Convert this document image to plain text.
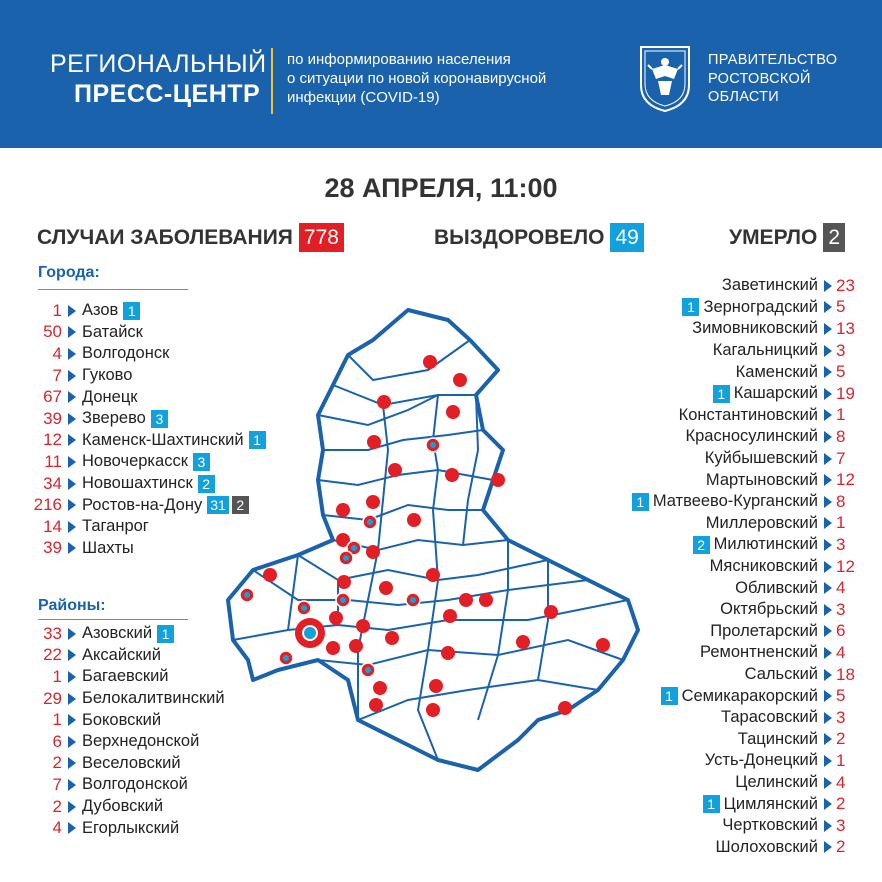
РЕГИОНАЛЬНЫЙ
ПРЕСС-ЦЕНТР
по информированию населения
о ситуации по новой коронавирусной
инфекции (COVID-19)
ПРАВИТЕЛЬСТВО
РОСТОВСКОЙ
ОБЛАСТИ
28 АПРЕЛЯ, 11:00
СЛУЧАИ ЗАБОЛЕВАНИЯ 778	ВЫЗДОРОВЕЛО 49	УМЕРЛО 2
Города:
1 Азов 1
50 Батайск
4 Волгодонск
7 Гуково
67 Донецк
39 Зверево 3
12 Каменск-Шахтинский 1
11 Новочеркасск 3
34 Новошахтинск 2
216 Ростов-на-Дону 31 2
14 Таганрог
39 Шахты
Районы:
33 Азовский 1
22 Аксайский
1 Багаевский
29 Белокалитвинский
1 Боковский
6 Верхнедонской
2 Веселовский
7 Волгодонской
2 Дубовский
4 Егорлыкский
Заветинский 23
1 Зерноградский 5
Зимовниковский 13
Кагальницкий 3
Каменский 5
1 Кашарский 19
Константиновский 1
Красносулинский 8
Куйбышевский 7
Мартыновский 12
1 Матвеево-Курганский 8
Миллеровский 1
2 Милютинский 3
Мясниковский 12
Обливский 4
Октябрьский 3
Пролетарский 6
Ремонтненский 4
Сальский 18
1 Семикаракорский 5
Тарасовский 3
Тацинский 2
Усть-Донецкий 1
Целинский 4
1 Цимлянский 2
Чертковский 3
Шолоховский 2
